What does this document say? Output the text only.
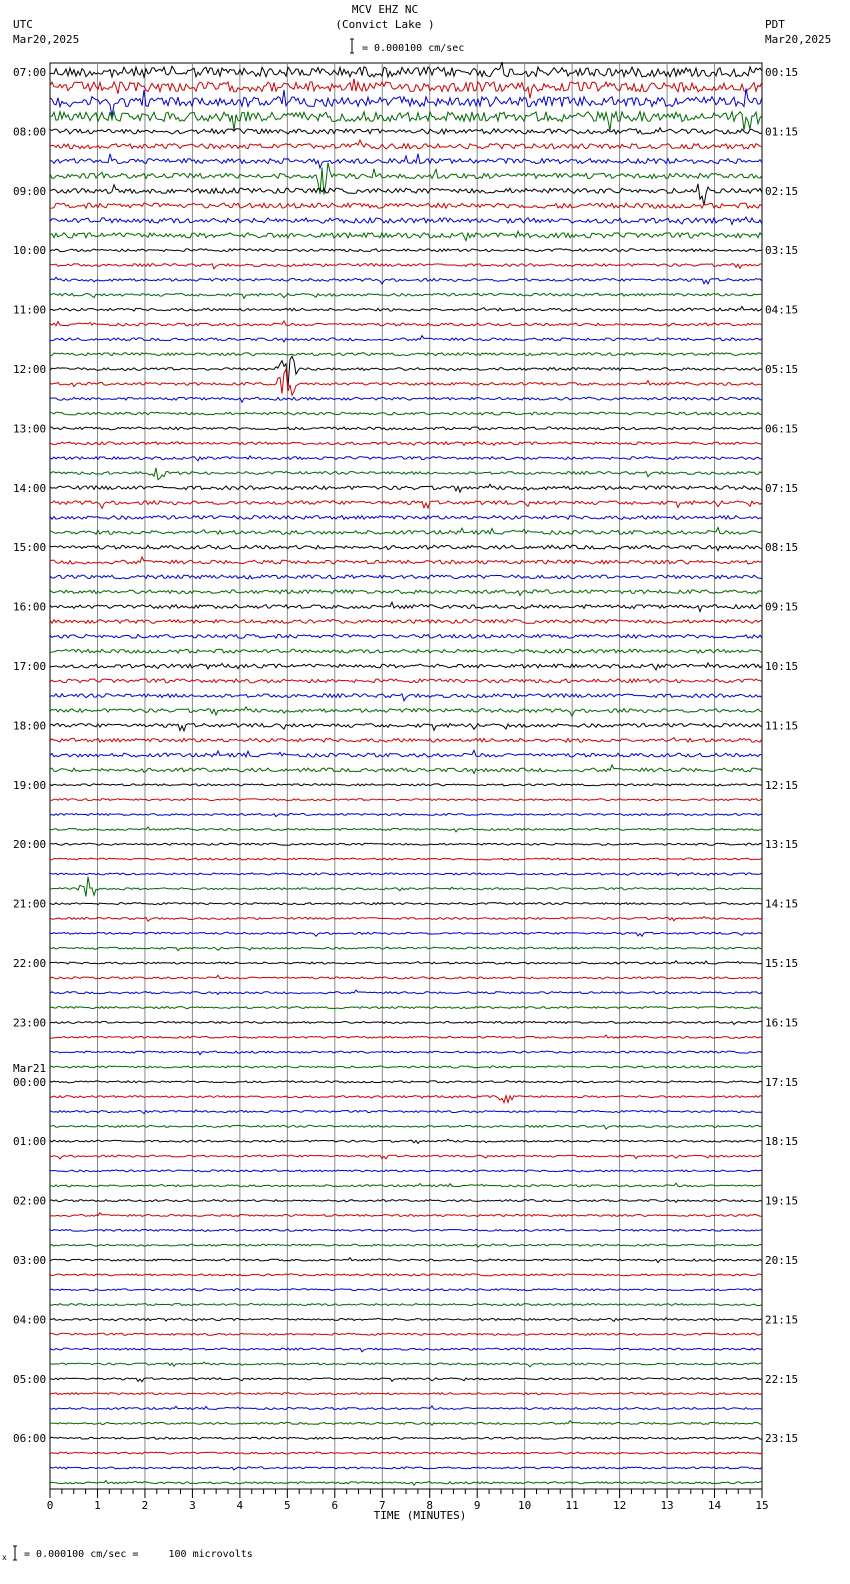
MCV EHZ NC
(Convict Lake )
= 0.000100 cm/sec
UTC
Mar20,2025
PDT
Mar20,2025
0	1	2	3	4	5	6	7	8	9	10	11	12	13	14	15
07:00	00:15
08:00	01:15
09:00	02:15
10:00	03:15
11:00	04:15
12:00	05:15
13:00	06:15
14:00	07:15
15:00	08:15
16:00	09:15
17:00	10:15
18:00	11:15
19:00	12:15
20:00	13:15
21:00	14:15
22:00	15:15
23:00	16:15
00:00	17:15
01:00	18:15
02:00	19:15
03:00	20:15
04:00	21:15
05:00	22:15
06:00	23:15
Mar21
TIME (MINUTES)
x = 0.000100 cm/sec =     100 microvolts
